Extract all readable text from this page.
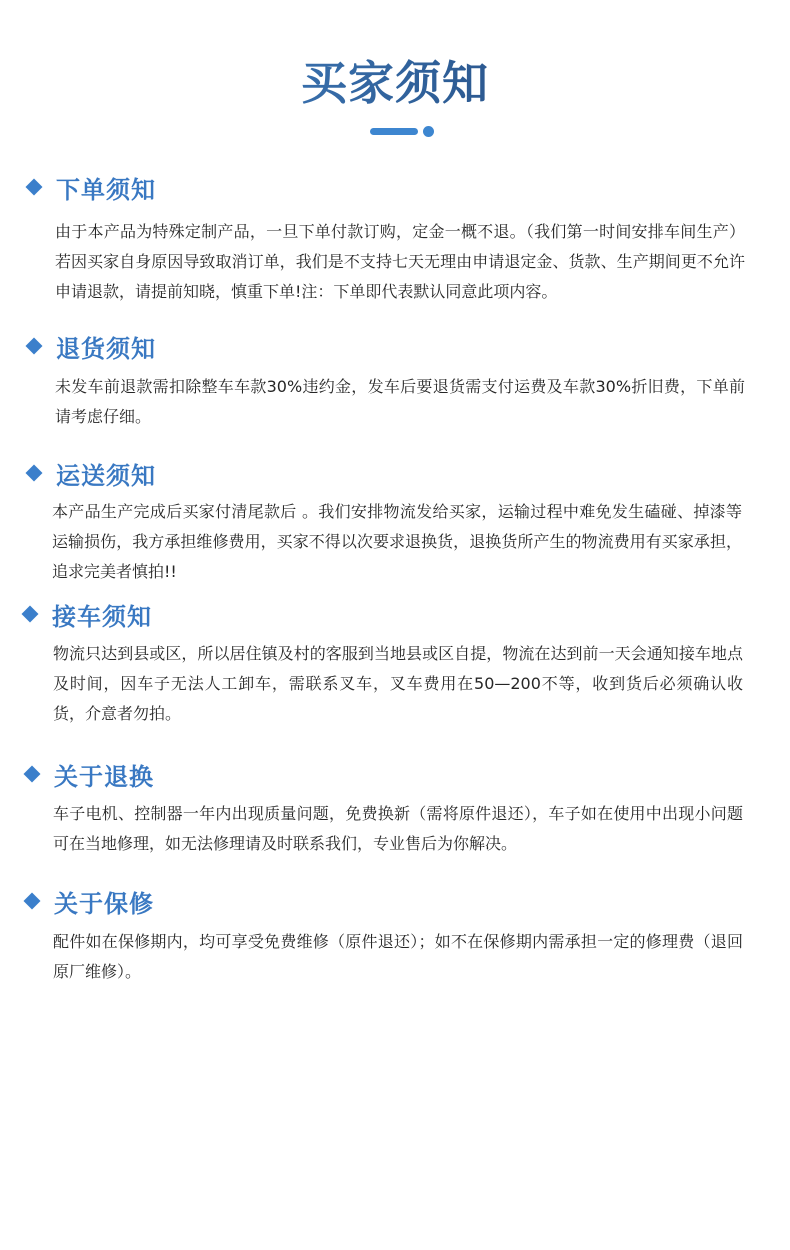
买家须知
下单须知

由于本产品为特殊定制产品，一旦下单付款订购，定金一概不退。（我们第一时间安排车间生产）若因买家自身原因导致取消订单，我们是不支持七天无理由申请退定金、货款、生产期间更不允许申请退款，请提前知晓，慎重下单!注：下单即代表默认同意此项内容。

退货须知

未发车前退款需扣除整车车款30%违约金，发车后要退货需支付运费及车款30%折旧费，下单前请考虑仔细。

运送须知

本产品生产完成后买家付清尾款后 。我们安排物流发给买家，运输过程中难免发生磕碰、掉漆等运输损伤，我方承担维修费用，买家不得以次要求退换货，退换货所产生的物流费用有买家承担，追求完美者慎拍!!

接车须知

物流只达到县或区，所以居住镇及村的客服到当地县或区自提，物流在达到前一天会通知接车地点及时间，因车子无法人工卸车，需联系叉车，叉车费用在50—200不等，收到货后必须确认收货，介意者勿拍。

关于退换

车子电机、控制器一年内出现质量问题，免费换新（需将原件退还），车子如在使用中出现小问题可在当地修理，如无法修理请及时联系我们，专业售后为你解决。

关于保修

配件如在保修期内，均可享受免费维修（原件退还）；如不在保修期内需承担一定的修理费（退回原厂维修）。
